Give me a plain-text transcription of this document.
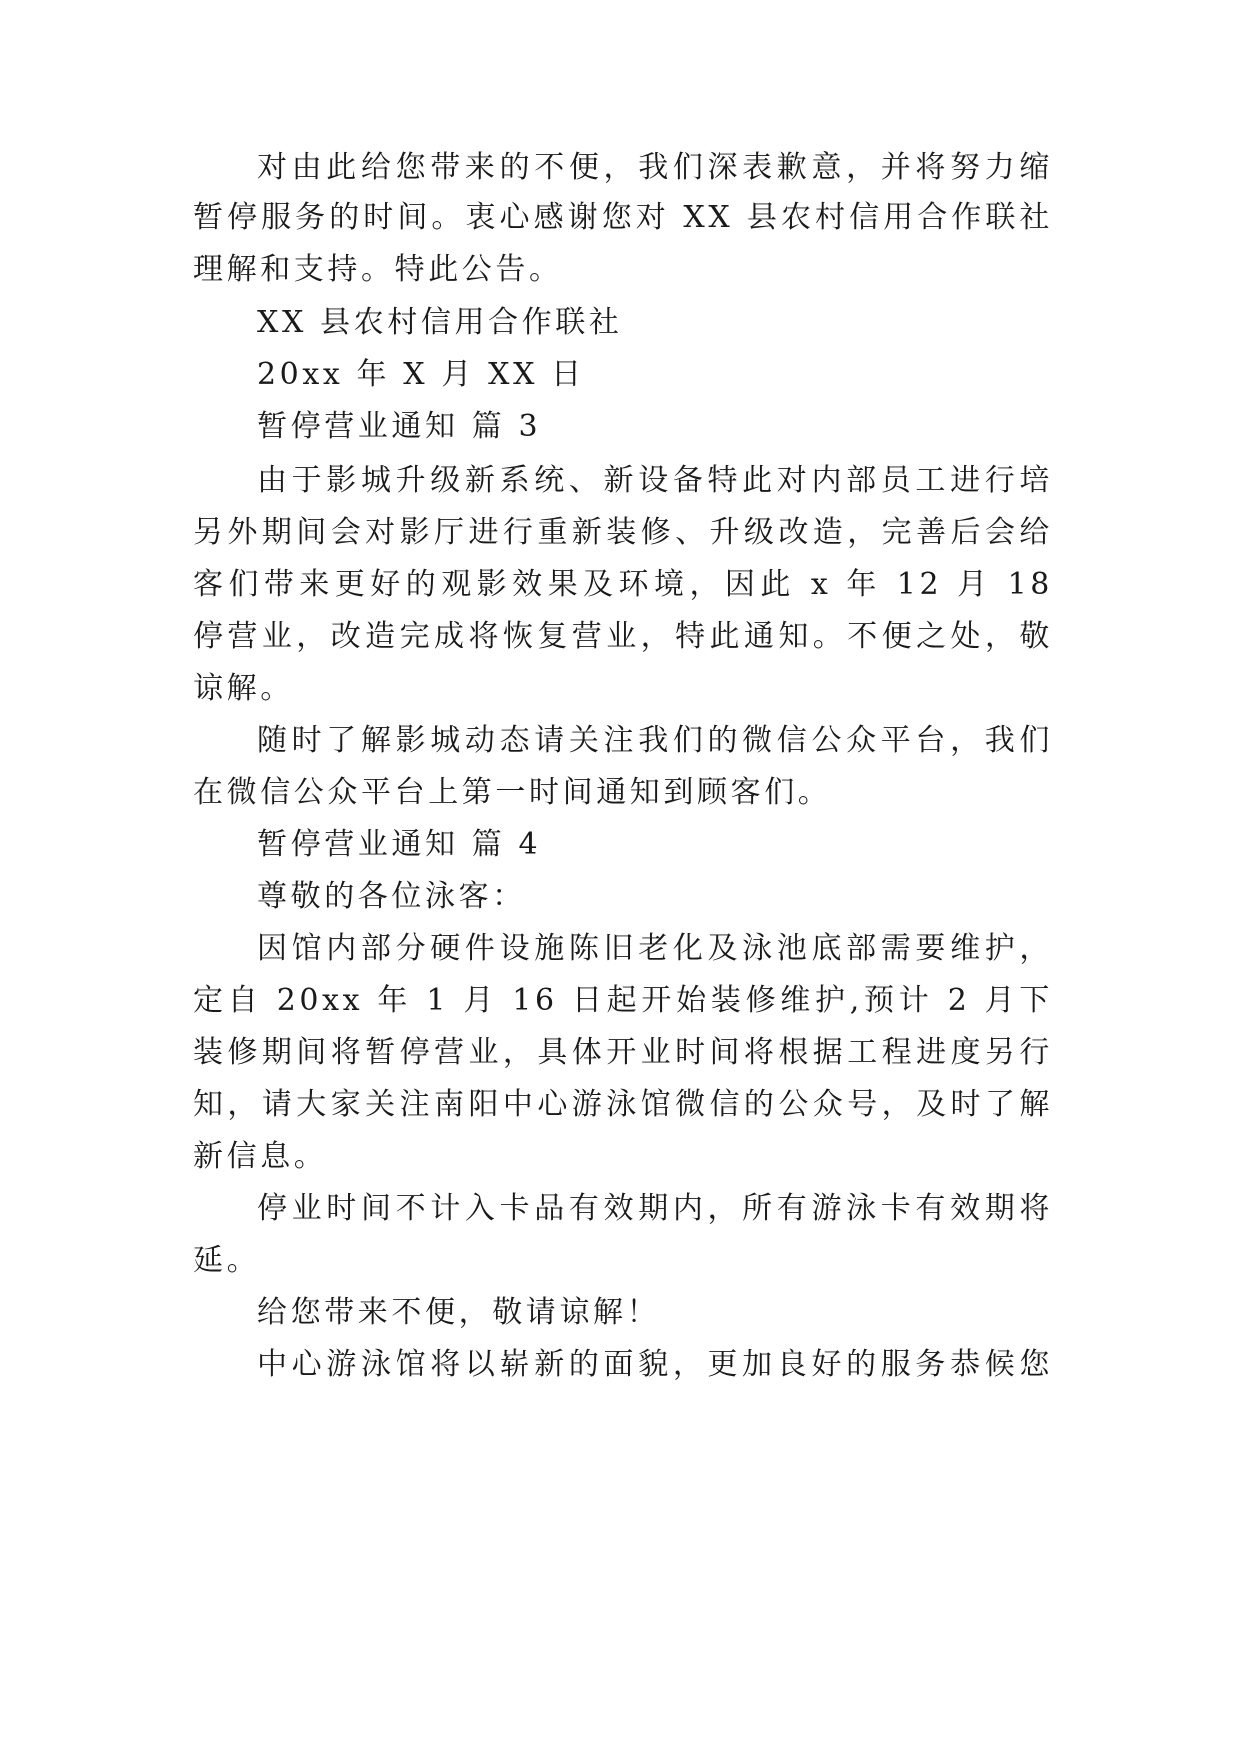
对由此给您带来的不便，我们深表歉意，并将努力缩
暂停服务的时间。衷心感谢您对 XX 县农村信用合作联社
理解和支持。特此公告。
XX 县农村信用合作联社
20xx 年 X 月 XX 日
暂停营业通知 篇 3
由于影城升级新系统、新设备特此对内部员工进行培
另外期间会对影厅进行重新装修、升级改造，完善后会给
客们带来更好的观影效果及环境，因此 x 年 12 月 18
停营业，改造完成将恢复营业，特此通知。不便之处，敬
谅解。
随时了解影城动态请关注我们的微信公众平台，我们
在微信公众平台上第一时间通知到顾客们。
暂停营业通知 篇 4
尊敬的各位泳客：
因馆内部分硬件设施陈旧老化及泳池底部需要维护，
定自 20xx 年 1 月 16 日起开始装修维护,预计 2 月下
装修期间将暂停营业，具体开业时间将根据工程进度另行
知，请大家关注南阳中心游泳馆微信的公众号，及时了解
新信息。
停业时间不计入卡品有效期内，所有游泳卡有效期将
延。
给您带来不便，敬请谅解！
中心游泳馆将以崭新的面貌，更加良好的服务恭候您
